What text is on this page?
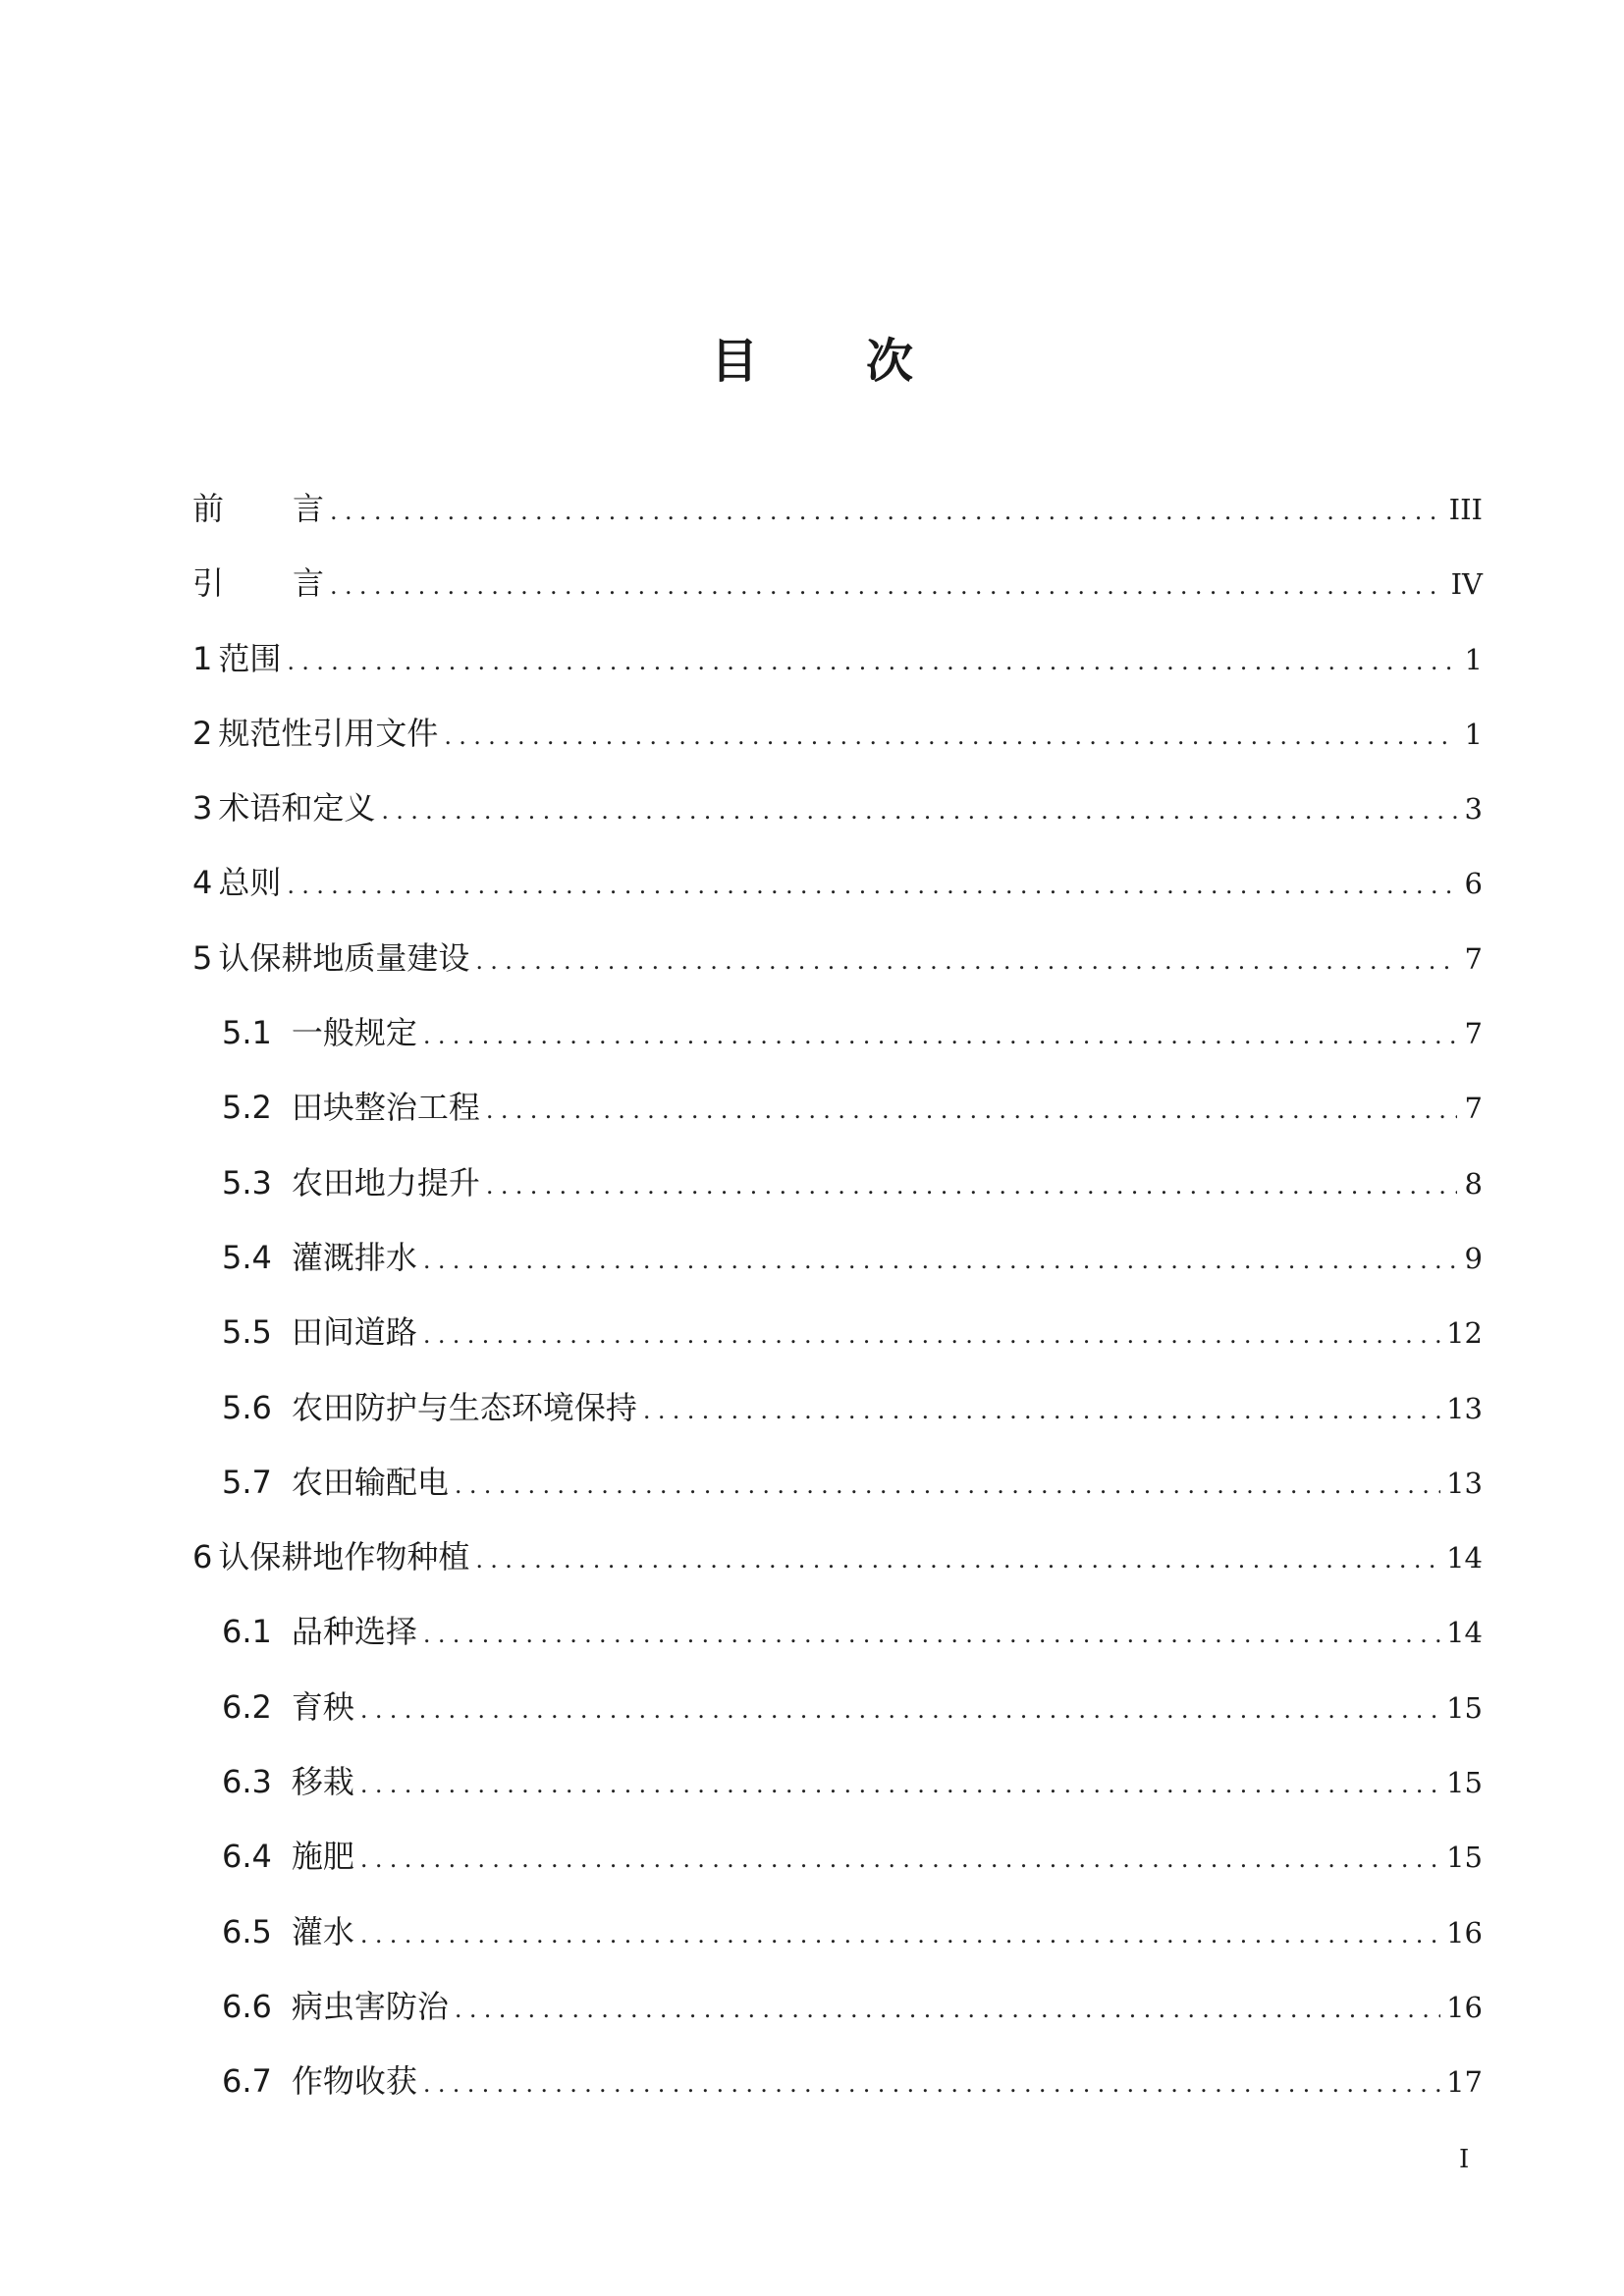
目 次
前 言 .....	III
引 言 .....	IV
1 范围 .....	1
2 规范性引用文件 .....	1
3 术语和定义 .....	3
4 总则 .....	6
5 认保耕地质量建设 .....	7
5.1 一般规定 .....	7
5.2 田块整治工程 .....	7
5.3 农田地力提升 .....	8
5.4 灌溉排水 .....	9
5.5 田间道路 .....	12
5.6 农田防护与生态环境保持 .....	13
5.7 农田输配电 .....	13
6 认保耕地作物种植 .....	14
6.1 品种选择 .....	14
6.2 育秧 .....	15
6.3 移栽 .....	15
6.4 施肥 .....	15
6.5 灌水 .....	16
6.6 病虫害防治 .....	16
6.7 作物收获 .....	17
I
